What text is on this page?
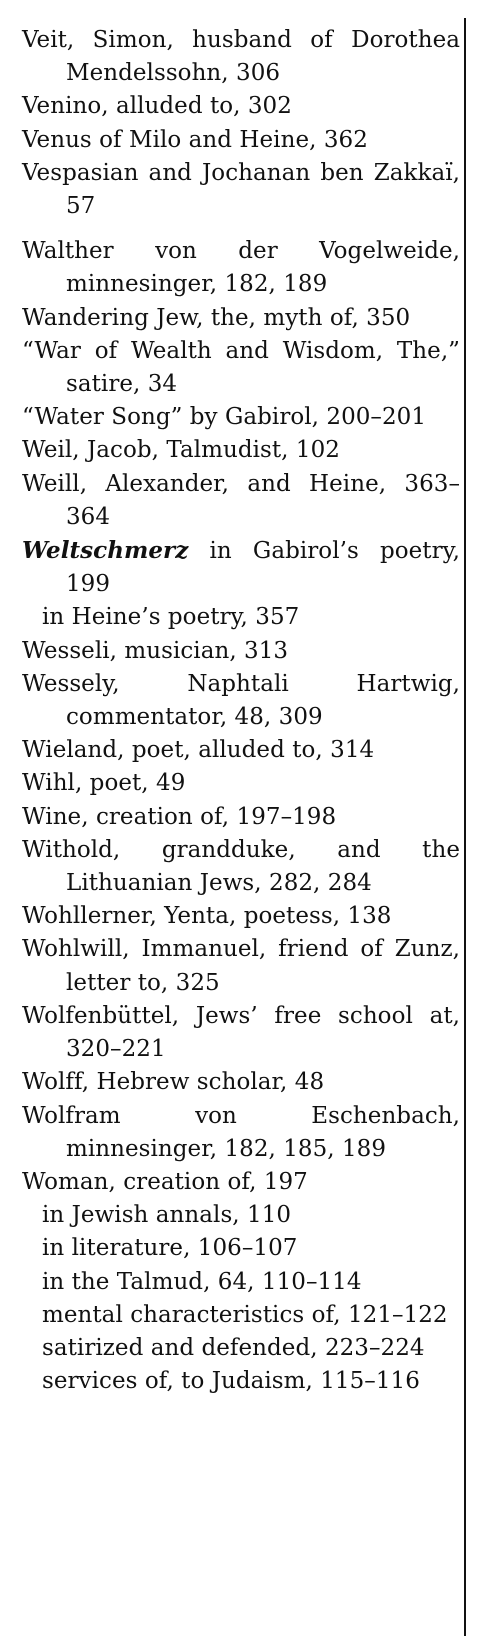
Veit, Simon, husband of Dorothea Mendelssohn, 306

Venino, alluded to, 302

Venus of Milo and Heine, 362

Vespasian and Jochanan ben Zakkaï, 57

Walther von der Vogelweide, minnesinger, 182, 189

Wandering Jew, the, myth of, 350

“War of Wealth and Wisdom, The,” satire, 34

“Water Song” by Gabirol, 200–201

Weil, Jacob, Talmudist, 102

Weill, Alexander, and Heine, 363–364

Weltschmerz in Gabirol’s poetry, 199

in Heine’s poetry, 357

Wesseli, musician, 313

Wessely, Naphtali Hartwig, commentator, 48, 309

Wieland, poet, alluded to, 314

Wihl, poet, 49

Wine, creation of, 197–198

Withold, grandduke, and the Lithuanian Jews, 282, 284

Wohllerner, Yenta, poetess, 138

Wohlwill, Immanuel, friend of Zunz, letter to, 325

Wolfenbüttel, Jews’ free school at, 320–221

Wolff, Hebrew scholar, 48

Wolfram von Eschenbach, minnesinger, 182, 185, 189

Woman, creation of, 197

in Jewish annals, 110

in literature, 106–107

in the Talmud, 64, 110–114

mental characteristics of, 121–122

satirized and defended, 223–224

services of, to Judaism, 115–116
